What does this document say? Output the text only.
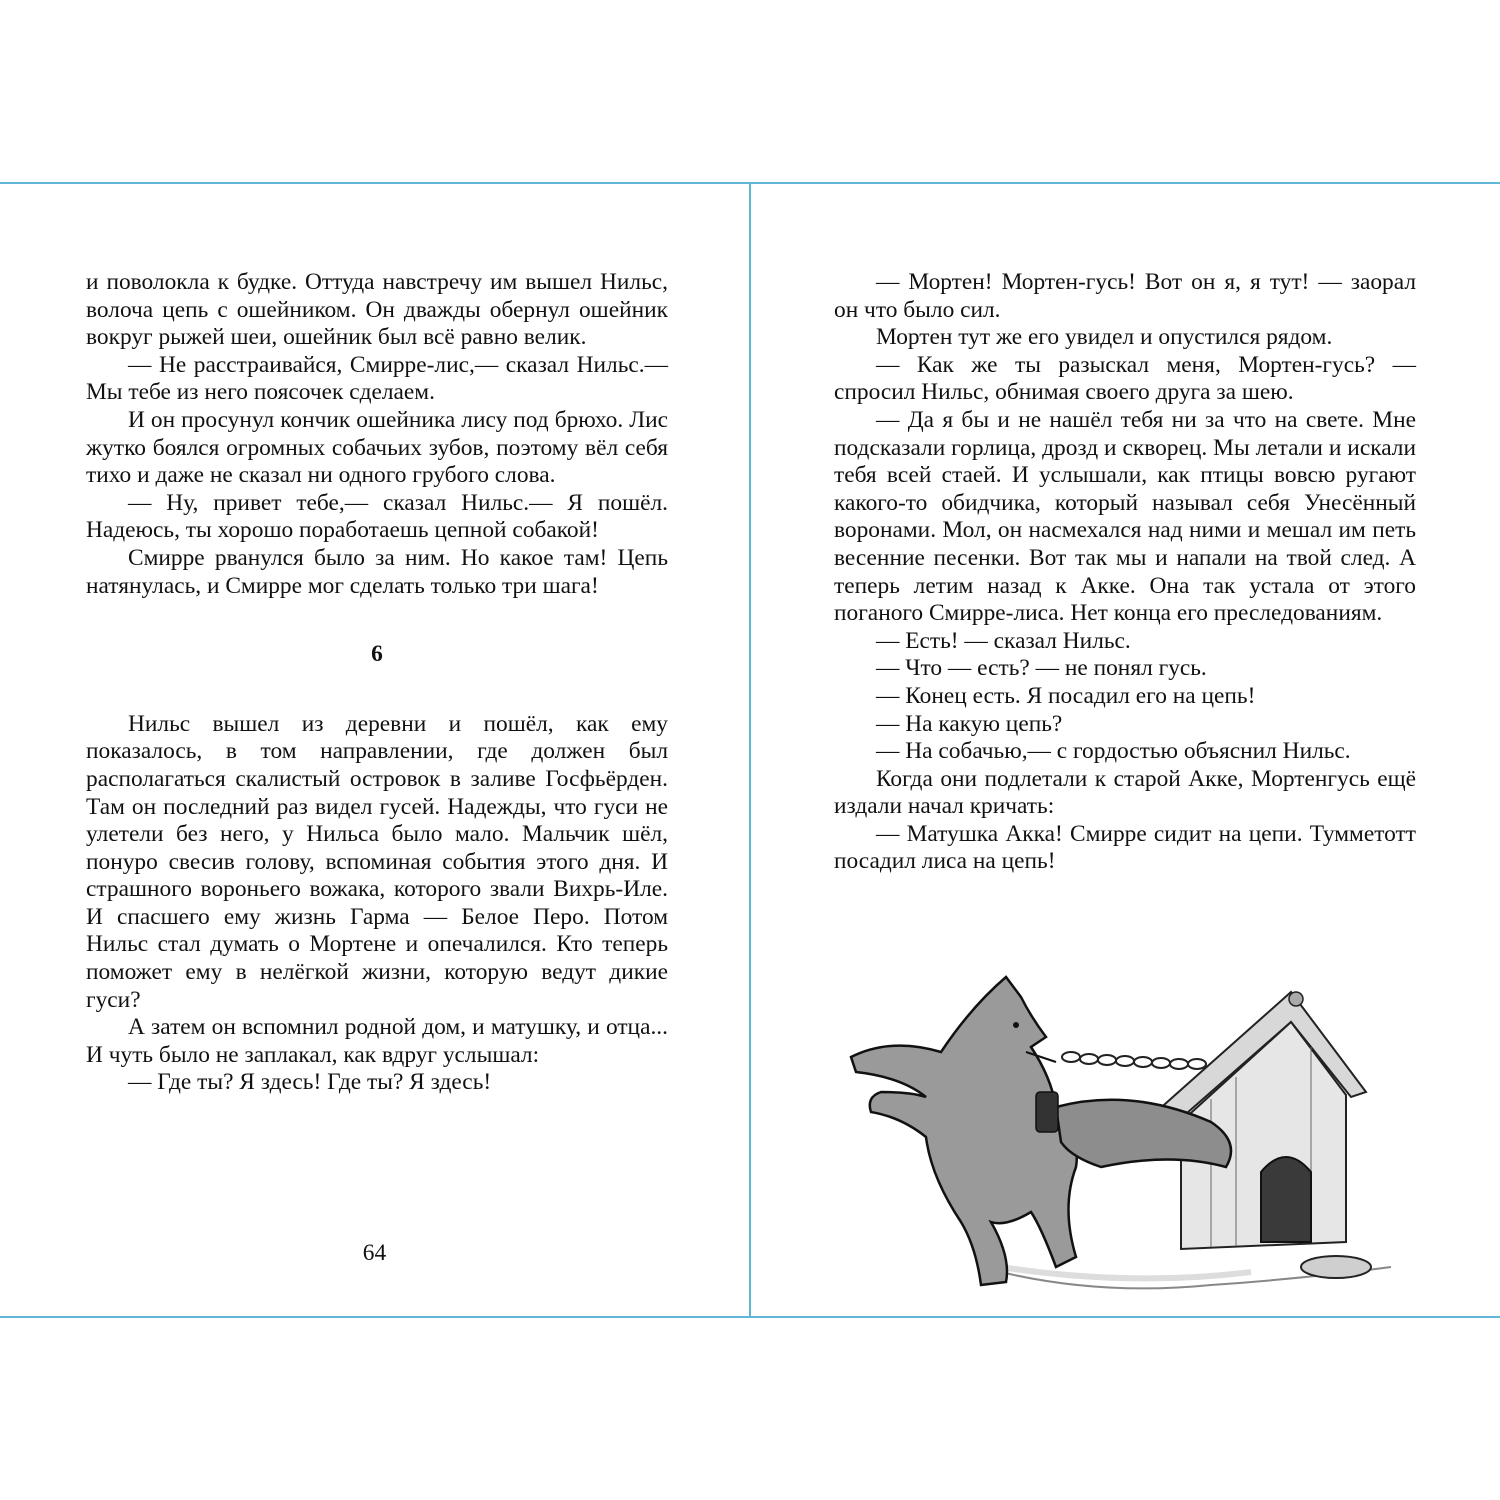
и поволокла к будке. Оттуда навстречу им вышел Нильс, волоча цепь с ошейником. Он дважды обернул ошейник вокруг рыжей шеи, ошейник был всё равно велик.

— Не расстраивайся, Смирре-лис,— сказал Нильс.— Мы тебе из него поясочек сделаем.

И он просунул кончик ошейника лису под брюхо. Лис жутко боялся огромных собачьих зубов, поэтому вёл себя тихо и даже не сказал ни одного грубого слова.

— Ну, привет тебе,— сказал Нильс.— Я пошёл. Надеюсь, ты хорошо поработаешь цепной собакой!

Смирре рванулся было за ним. Но какое там! Цепь натянулась, и Смирре мог сделать только три шага!

6

Нильс вышел из деревни и пошёл, как ему показалось, в том направлении, где должен был располагаться скалистый островок в заливе Госфьёрден. Там он последний раз видел гусей. Надежды, что гуси не улетели без него, у Нильса было мало. Мальчик шёл, понуро свесив голову, вспоминая события этого дня. И страшного вороньего вожака, которого звали Вихрь-Иле. И спасшего ему жизнь Гарма — Белое Перо. Потом Нильс стал думать о Мортене и опечалился. Кто теперь поможет ему в нелёгкой жизни, которую ведут дикие гуси?

А затем он вспомнил родной дом, и матушку, и отца... И чуть было не заплакал, как вдруг услышал:

— Где ты? Я здесь! Где ты? Я здесь!

64

— Мортен! Мортен-гусь! Вот он я, я тут! — заорал он что было сил.

Мортен тут же его увидел и опустился рядом.

— Как же ты разыскал меня, Мортен-гусь? — спросил Нильс, обнимая своего друга за шею.

— Да я бы и не нашёл тебя ни за что на свете. Мне подсказали горлица, дрозд и скворец. Мы летали и искали тебя всей стаей. И услышали, как птицы вовсю ругают какого-то обидчика, который называл себя Унесённый воронами. Мол, он насмехался над ними и мешал им петь весенние песенки. Вот так мы и напали на твой след. А теперь летим назад к Акке. Она так устала от этого поганого Смирре-лиса. Нет конца его преследованиям.

— Есть! — сказал Нильс.

— Что — есть? — не понял гусь.

— Конец есть. Я посадил его на цепь!

— На какую цепь?

— На собачью,— с гордостью объяснил Нильс.

Когда они подлетали к старой Акке, Мортенгусь ещё издали начал кричать:

— Матушка Акка! Смирре сидит на цепи. Тумметотт посадил лиса на цепь!
